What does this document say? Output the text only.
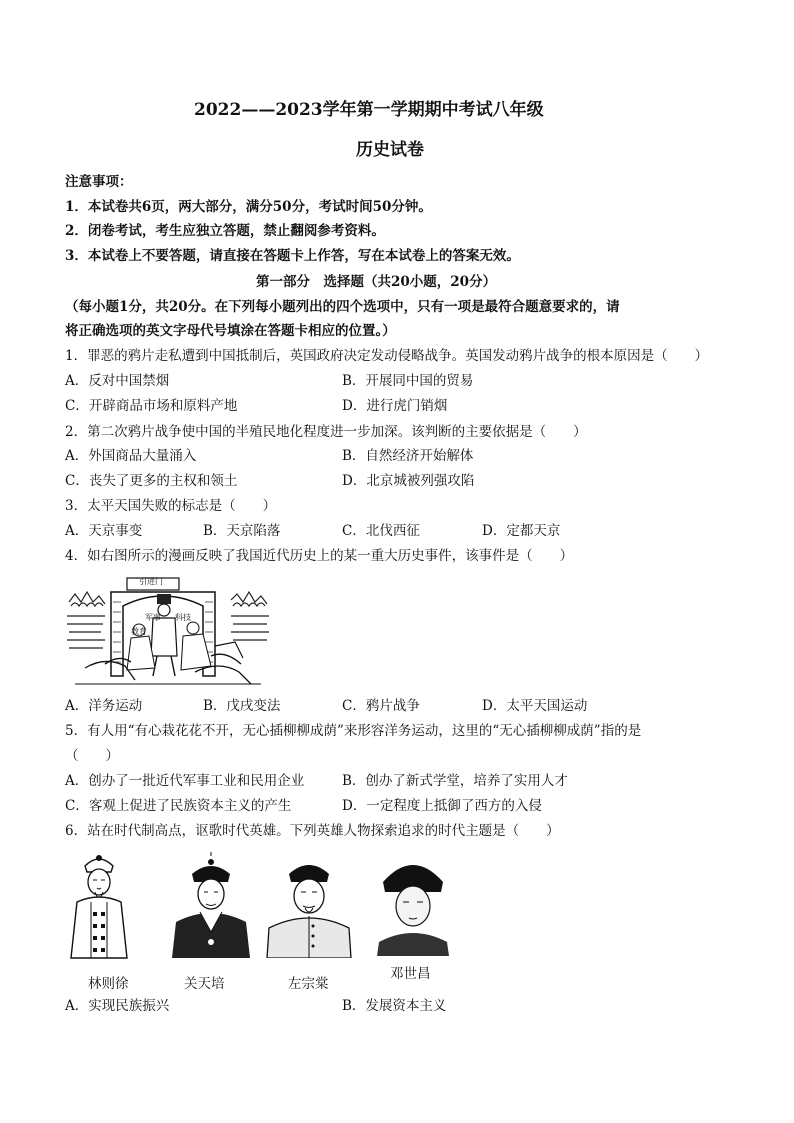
2022——2023学年第一学期期中考试八年级
历史试卷
注意事项：
1．本试卷共6页，两大部分，满分50分，考试时间50分钟。
2．闭卷考试，考生应独立答题，禁止翻阅参考资料。
3．本试卷上不要答题，请直接在答题卡上作答，写在本试卷上的答案无效。
第一部分　选择题（共20小题，20分）
（每小题1分，共20分。在下列每小题列出的四个选项中，只有一项是最符合题意要求的，请
将正确选项的英文字母代号填涂在答题卡相应的位置。）
1．罪恶的鸦片走私遭到中国抵制后，英国政府决定发动侵略战争。英国发动鸦片战争的根本原因是（　　）
A．反对中国禁烟	B．开展同中国的贸易
C．开辟商品市场和原料产地	D．进行虎门销烟
2．第二次鸦片战争使中国的半殖民地化程度进一步加深。该判断的主要依据是（　　）
A．外国商品大量涌入	B．自然经济开始解体
C．丧失了更多的主权和领土	D．北京城被列强攻陷
3．太平天国失败的标志是（　　）
A．天京事变	B．天京陷落	C．北伐西征	D．定都天京
4．如右图所示的漫画反映了我国近代历史上的某一重大历史事件，该事件是（　　）
引进门
军事 科技
教育
A．洋务运动	B．戊戌变法	C．鸦片战争	D．太平天国运动
5．有人用“有心栽花花不开，无心插柳柳成荫”来形容洋务运动，这里的“无心插柳柳成荫”指的是
（　　）
A．创办了一批近代军事工业和民用企业	B．创办了新式学堂，培养了实用人才
C．客观上促进了民族资本主义的产生	D．一定程度上抵御了西方的入侵
6．站在时代制高点，讴歌时代英雄。下列英雄人物探索追求的时代主题是（　　）
林则徐	关天培	左宗棠
邓世昌
A．实现民族振兴	B．发展资本主义
